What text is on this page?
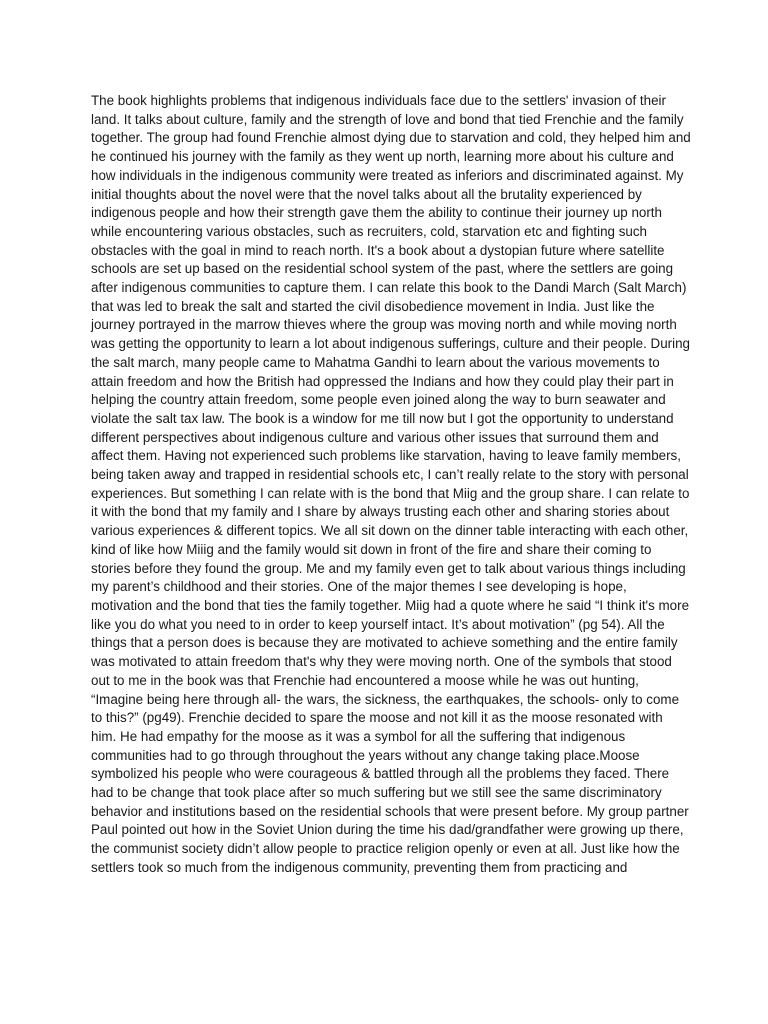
The book highlights problems that indigenous individuals face due to the settlers' invasion of their land. It talks about culture, family and the strength of love and bond that tied Frenchie and the family together. The group had found Frenchie almost dying due to starvation and cold, they helped him and he continued his journey with the family as they went up north, learning more about his culture and how individuals in the indigenous community were treated as inferiors and discriminated against. My initial thoughts about the novel were that the novel talks about all the brutality experienced by indigenous people and how their strength gave them the ability to continue their journey up north while encountering various obstacles, such as recruiters, cold, starvation etc and fighting such obstacles with the goal in mind to reach north. It's a book about a dystopian future where satellite schools are set up based on the residential school system of the past, where the settlers are going after indigenous communities to capture them. I can relate this book to the Dandi March (Salt March) that was led to break the salt and started the civil disobedience movement in India. Just like the journey portrayed in the marrow thieves where the group was moving north and while moving north was getting the opportunity to learn a lot about indigenous sufferings, culture and their people. During the salt march, many people came to Mahatma Gandhi to learn about the various movements to attain freedom and how the British had oppressed the Indians and how they could play their part in helping the country attain freedom, some people even joined along the way to burn seawater and violate the salt tax law. The book is a window for me till now but I got the opportunity to understand different perspectives about indigenous culture and various other issues that surround them and affect them. Having not experienced such problems like starvation, having to leave family members, being taken away and trapped in residential schools etc, I can’t really relate to the story with personal experiences. But something I can relate with is the bond that Miig and the group share. I can relate to it with the bond that my family and I share by always trusting each other and sharing stories about various experiences & different topics. We all sit down on the dinner table interacting with each other, kind of like how Miiig and the family would sit down in front of the fire and share their coming to stories before they found the group. Me and my family even get to talk about various things including my parent’s childhood and their stories. One of the major themes I see developing is hope, motivation and the bond that ties the family together. Miig had a quote where he said “I think it's more like you do what you need to in order to keep yourself intact. It’s about motivation” (pg 54). All the things that a person does is because they are motivated to achieve something and the entire family was motivated to attain freedom that's why they were moving north. One of the symbols that stood out to me in the book was that Frenchie had encountered a moose while he was out hunting, “Imagine being here through all- the wars, the sickness, the earthquakes, the schools- only to come to this?” (pg49). Frenchie decided to spare the moose and not kill it as the moose resonated with him. He had empathy for the moose as it was a symbol for all the suffering that indigenous communities had to go through throughout the years without any change taking place.Moose symbolized his people who were courageous & battled through all the problems they faced. There had to be change that took place after so much suffering but we still see the same discriminatory behavior and institutions based on the residential schools that were present before. My group partner Paul pointed out how in the Soviet Union during the time his dad/grandfather were growing up there, the communist society didn’t allow people to practice religion openly or even at all. Just like how the settlers took so much from the indigenous community, preventing them from practicing and
